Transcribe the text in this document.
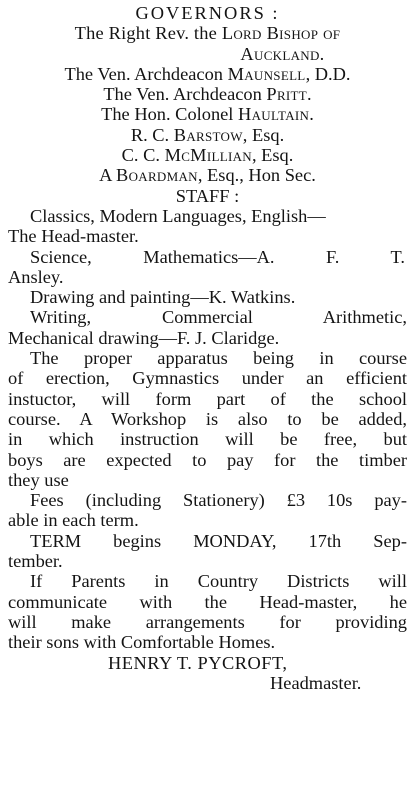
GOVERNORS :
The Right Rev. the Lord Bishop of
Auckland.
The Ven. Archdeacon Maunsell, D.D.
The Ven. Archdeacon Pritt.
The Hon. Colonel Haultain.
R. C. Barstow, Esq.
C. C. McMillian, Esq.
A Boardman, Esq., Hon Sec.
STAFF :
Classics, Modern Languages, English—
The Head-master.
Science, Mathematics—A. F. T.
Ansley.
Drawing and painting—K. Watkins.
Writing, Commercial Arithmetic,
Mechanical drawing—F. J. Claridge.
The proper apparatus being in course
of erection, Gymnastics under an efficient
instuctor, will form part of the school
course. A Workshop is also to be added,
in which instruction will be free, but
boys are expected to pay for the timber
they use
Fees (including Stationery) £3 10s pay-
able in each term.
TERM begins MONDAY, 17th Sep-
tember.
If Parents in Country Districts will
communicate with the Head-master, he
will make arrangements for providing
their sons with Comfortable Homes.
HENRY T. PYCROFT,
Headmaster.
